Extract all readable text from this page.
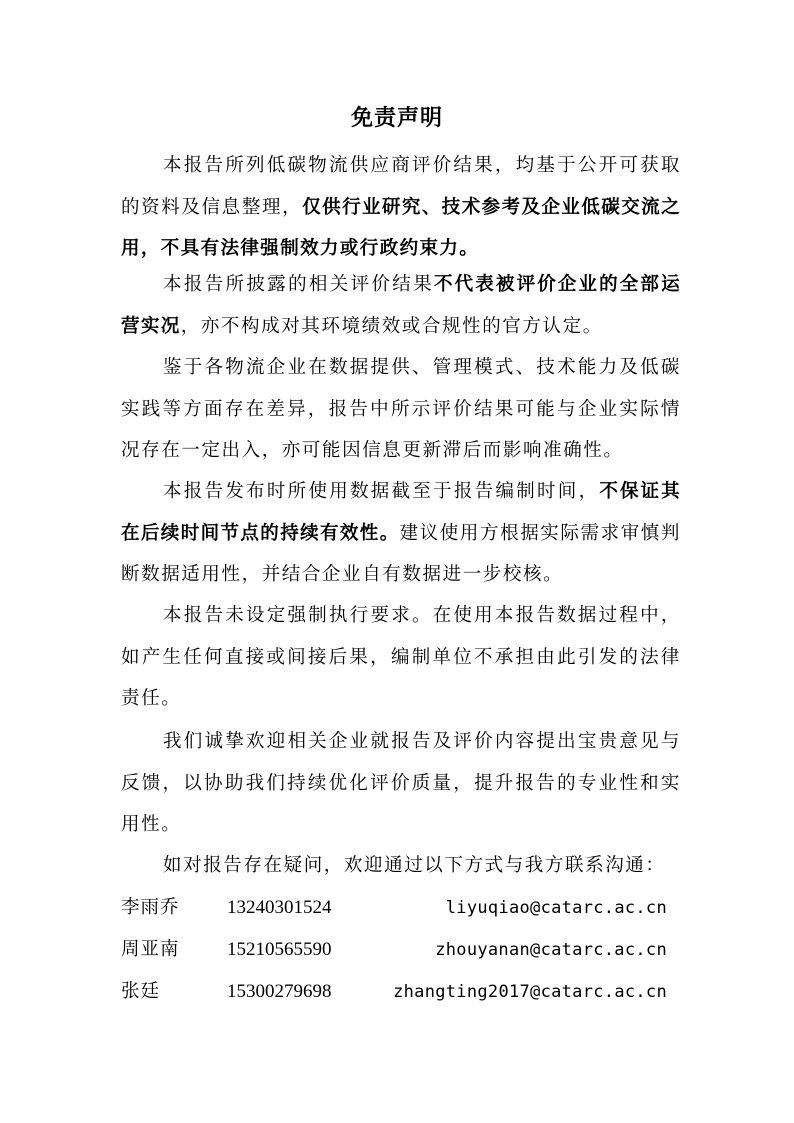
免责声明

本报告所列低碳物流供应商评价结果，均基于公开可获取的资料及信息整理，仅供行业研究、技术参考及企业低碳交流之用，不具有法律强制效力或行政约束力。

本报告所披露的相关评价结果不代表被评价企业的全部运营实况，亦不构成对其环境绩效或合规性的官方认定。

鉴于各物流企业在数据提供、管理模式、技术能力及低碳实践等方面存在差异，报告中所示评价结果可能与企业实际情况存在一定出入，亦可能因信息更新滞后而影响准确性。

本报告发布时所使用数据截至于报告编制时间，不保证其在后续时间节点的持续有效性。建议使用方根据实际需求审慎判断数据适用性，并结合企业自有数据进一步校核。

本报告未设定强制执行要求。在使用本报告数据过程中，如产生任何直接或间接后果，编制单位不承担由此引发的法律责任。

我们诚挚欢迎相关企业就报告及评价内容提出宝贵意见与反馈，以协助我们持续优化评价质量，提升报告的专业性和实用性。

如对报告存在疑问，欢迎通过以下方式与我方联系沟通：

李雨乔 13240301524	liyuqiao@catarc.ac.cn
周亚南 15210565590	zhouyanan@catarc.ac.cn
张廷	15300279698	zhangting2017@catarc.ac.cn
